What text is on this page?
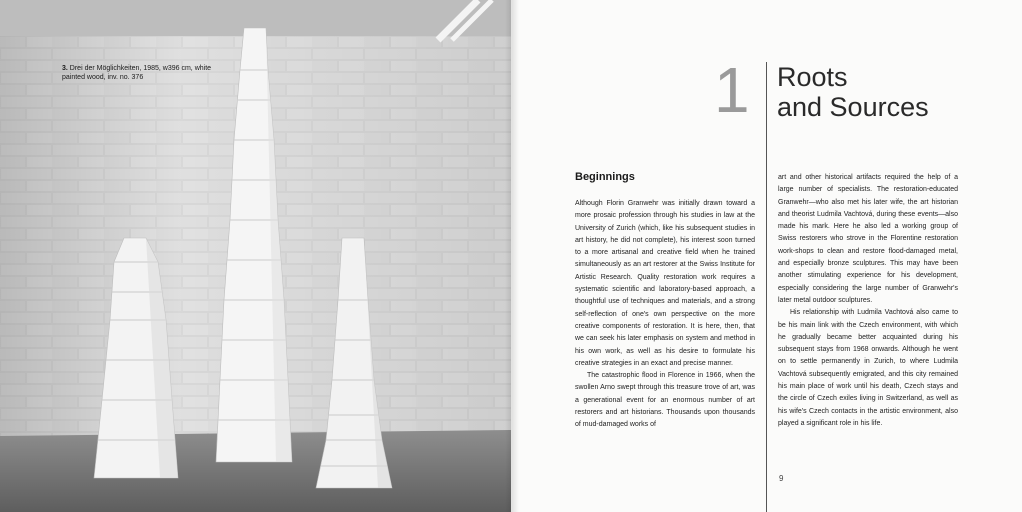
3. Drei der Möglichkeiten, 1985, w396 cm, white painted wood, inv. no. 376	1 Roots
and Sources
Beginnings

Although Florin Granwehr was initially drawn toward a more prosaic profession through his studies in law at the University of Zurich (which, like his subsequent studies in art history, he did not complete), his interest soon turned to a more artisanal and creative field when he trained simultaneously as an art restorer at the Swiss Institute for Artistic Research. Quality restoration work requires a systematic scientific and laboratory-based approach, a thoughtful use of techniques and materials, and a strong self-reflection of one's own perspective on the more creative components of restoration. It is here, then, that we can seek his later emphasis on system and method in his own work, as well as his desire to formulate his creative strategies in an exact and precise manner.

The catastrophic flood in Florence in 1966, when the swollen Arno swept through this treasure trove of art, was a generational event for an enormous number of art restorers and art historians. Thousands upon thousands of mud-damaged works of

art and other historical artifacts required the help of a large number of specialists. The restoration-educated Granwehr—who also met his later wife, the art historian and theorist Ludmila Vachtová, during these events—also made his mark. Here he also led a working group of Swiss restorers who strove in the Florentine restoration work-shops to clean and restore flood-damaged metal, and especially bronze sculptures. This may have been another stimulating experience for his development, especially considering the large number of Granwehr's later metal outdoor sculptures.

His relationship with Ludmila Vachtová also came to be his main link with the Czech environment, with which he gradually became better acquainted during his subsequent stays from 1968 onwards. Although he went on to settle permanently in Zurich, to where Ludmila Vachtová subsequently emigrated, and this city remained his main place of work until his death, Czech stays and the circle of Czech exiles living in Switzerland, as well as his wife's Czech contacts in the artistic environment, also played a significant role in his life.

9
